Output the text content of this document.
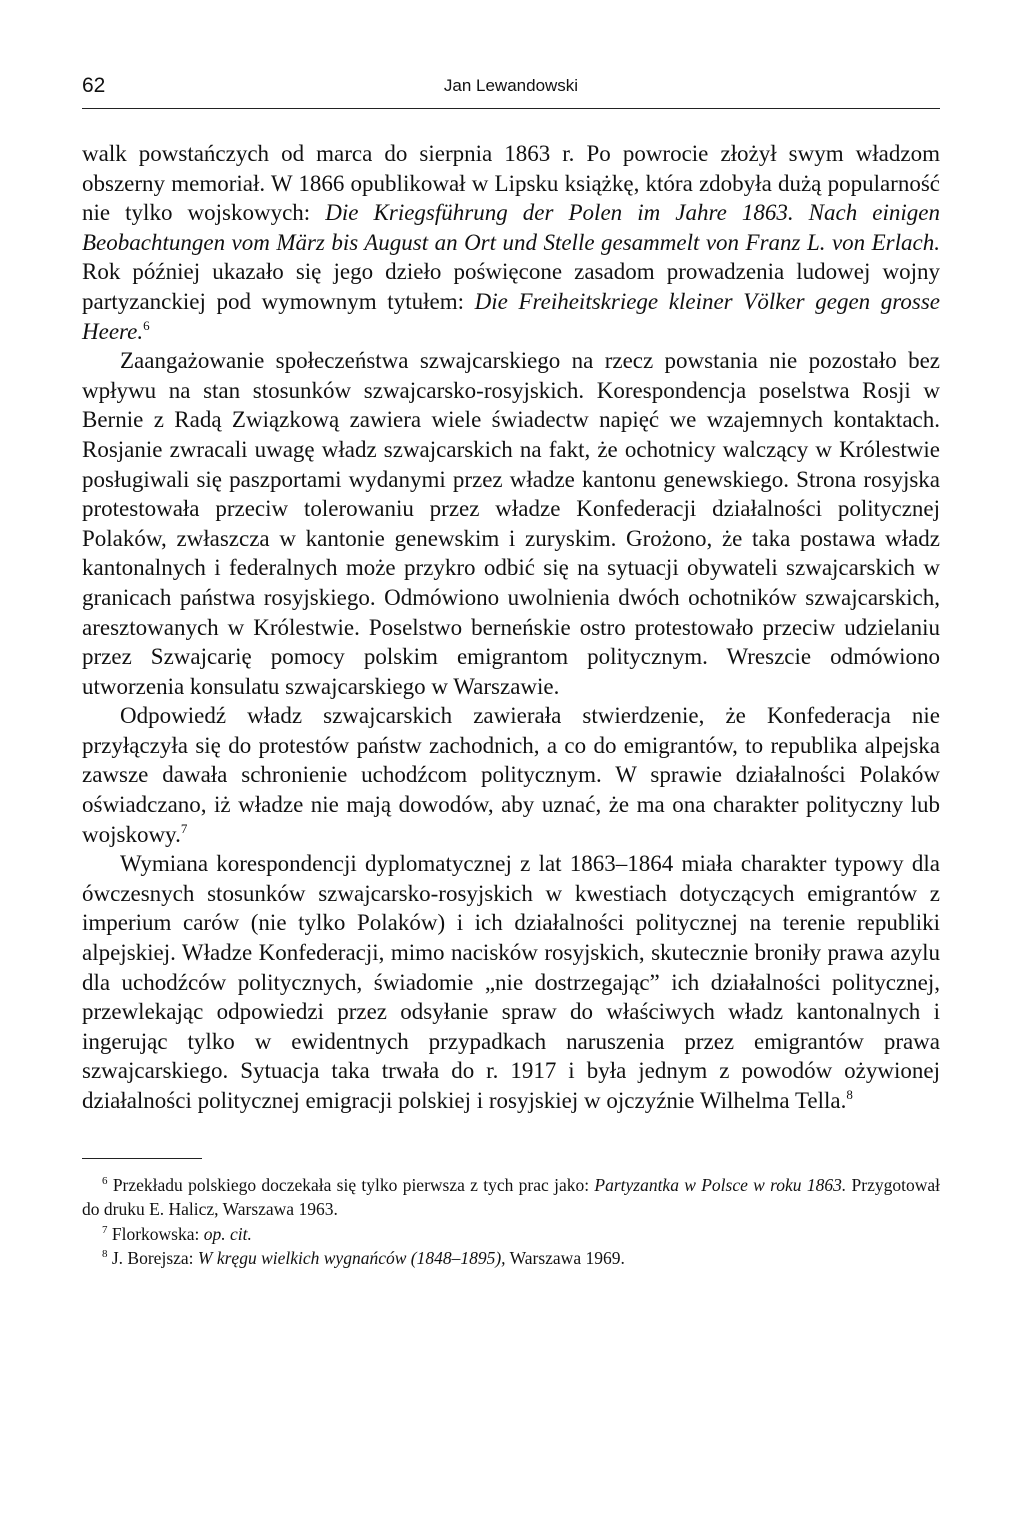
62	Jan Lewandowski

walk powstańczych od marca do sierpnia 1863 r. Po powrocie złożył swym władzom obszerny memoriał. W 1866 opublikował w Lipsku książkę, która zdobyła dużą popularność nie tylko wojskowych: Die Kriegsführung der Polen im Jahre 1863. Nach einigen Beobachtungen vom März bis August an Ort und Stelle gesammelt von Franz L. von Erlach. Rok później ukazało się jego dzieło poświęcone zasadom prowadzenia ludowej wojny partyzanckiej pod wymownym tytułem: Die Freiheitskriege kleiner Völker gegen grosse Heere.$^6$

Zaangażowanie społeczeństwa szwajcarskiego na rzecz powstania nie pozostało bez wpływu na stan stosunków szwajcarsko-rosyjskich. Korespondencja poselstwa Rosji w Bernie z Radą Związkową zawiera wiele świadectw napięć we wzajemnych kontaktach. Rosjanie zwracali uwagę władz szwajcarskich na fakt, że ochotnicy walczący w Królestwie posługiwali się paszportami wydanymi przez władze kantonu genewskiego. Strona rosyjska protestowała przeciw tolerowaniu przez władze Konfederacji działalności politycznej Polaków, zwłaszcza w kantonie genewskim i zuryskim. Grożono, że taka postawa władz kantonalnych i federalnych może przykro odbić się na sytuacji obywateli szwajcarskich w granicach państwa rosyjskiego. Odmówiono uwolnienia dwóch ochotników szwajcarskich, aresztowanych w Królestwie. Poselstwo berneńskie ostro protestowało przeciw udzielaniu przez Szwajcarię pomocy polskim emigrantom politycznym. Wreszcie odmówiono utworzenia konsulatu szwajcarskiego w Warszawie.

Odpowiedź władz szwajcarskich zawierała stwierdzenie, że Konfederacja nie przyłączyła się do protestów państw zachodnich, a co do emigrantów, to republika alpejska zawsze dawała schronienie uchodźcom politycznym. W sprawie działalności Polaków oświadczano, iż władze nie mają dowodów, aby uznać, że ma ona charakter polityczny lub wojskowy.$^7$

Wymiana korespondencji dyplomatycznej z lat 1863–1864 miała charakter typowy dla ówczesnych stosunków szwajcarsko-rosyjskich w kwestiach dotyczących emigrantów z imperium carów (nie tylko Polaków) i ich działalności politycznej na terenie republiki alpejskiej. Władze Konfederacji, mimo nacisków rosyjskich, skutecznie broniły prawa azylu dla uchodźców politycznych, świadomie „nie dostrzegając” ich działalności politycznej, przewlekając odpowiedzi przez odsyłanie spraw do właściwych władz kantonalnych i ingerując tylko w ewidentnych przypadkach naruszenia przez emigrantów prawa szwajcarskiego. Sytuacja taka trwała do r. 1917 i była jednym z powodów ożywionej działalności politycznej emigracji polskiej i rosyjskiej w ojczyźnie Wilhelma Tella.$^8$

$^6$ Przekładu polskiego doczekała się tylko pierwsza z tych prac jako: Partyzantka w Polsce w roku 1863. Przygotował do druku E. Halicz, Warszawa 1963.

$^7$ Florkowska: op. cit.

$^8$ J. Borejsza: W kręgu wielkich wygnańców (1848–1895), Warszawa 1969.
